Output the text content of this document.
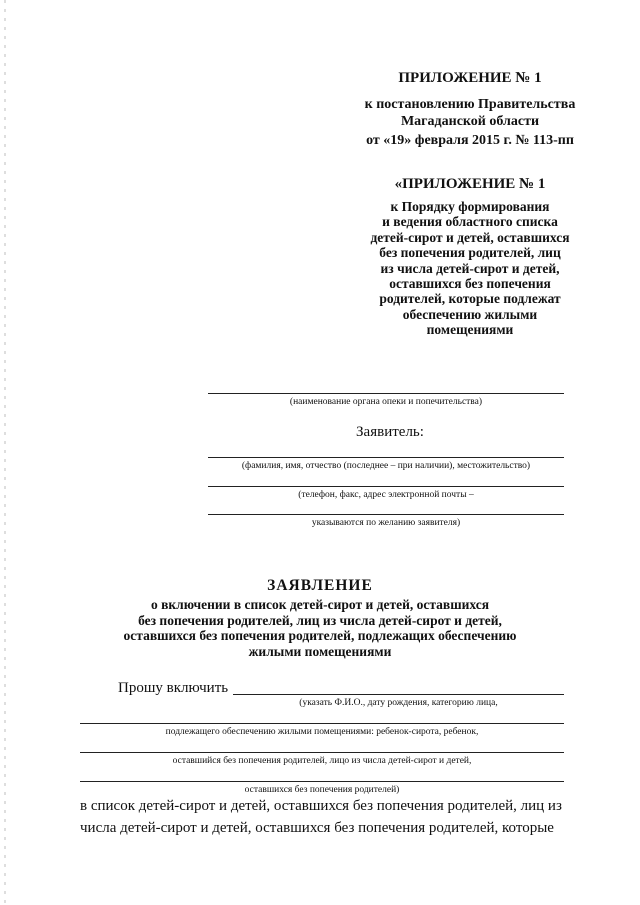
ПРИЛОЖЕНИЕ № 1
к постановлению Правительства
Магаданской области
от «19» февраля 2015 г. № 113-пп
«ПРИЛОЖЕНИЕ № 1
к Порядку формирования
и ведения областного списка
детей-сирот и детей, оставшихся
без попечения родителей, лиц
из числа детей-сирот и детей,
оставшихся без попечения
родителей, которые подлежат
обеспечению жилыми
помещениями
(наименование органа опеки и попечительства)
Заявитель:
(фамилия, имя, отчество (последнее – при наличии), местожительство)
(телефон, факс, адрес электронной почты –
указываются по желанию заявителя)
ЗАЯВЛЕНИЕ
о включении в список детей-сирот и детей, оставшихся
без попечения родителей, лиц из числа детей-сирот и детей,
оставшихся без попечения родителей, подлежащих обеспечению
жилыми помещениями
Прошу включить
(указать Ф.И.О., дату рождения, категорию лица,
подлежащего обеспечению жилыми помещениями: ребенок-сирота, ребенок,
оставшийся без попечения родителей, лицо из числа детей-сирот и детей,
оставшихся без попечения родителей)
в список детей-сирот и детей, оставшихся без попечения родителей, лиц из
числа детей-сирот и детей, оставшихся без попечения родителей, которые
